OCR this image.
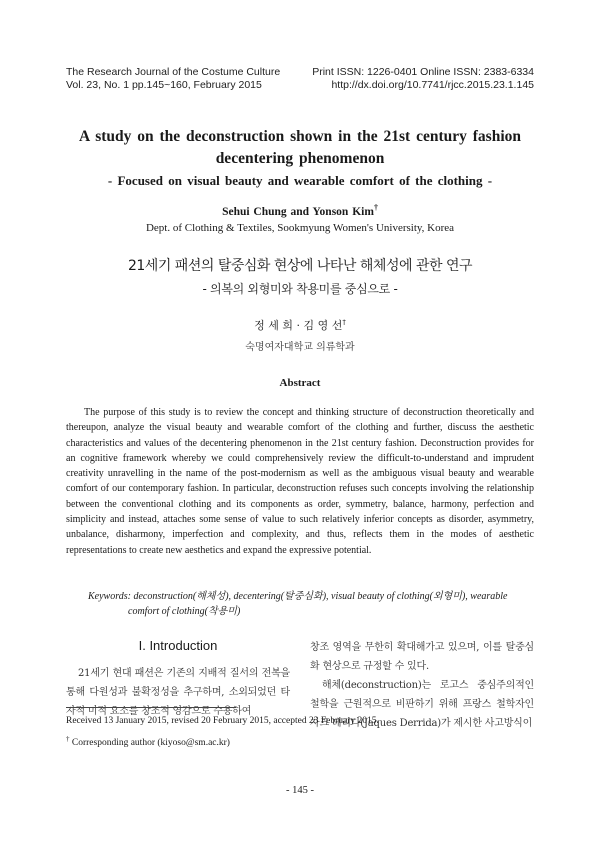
The Research Journal of the Costume Culture	Print ISSN: 1226-0401 Online ISSN: 2383-6334
Vol. 23, No. 1 pp.145~160, February 2015	http://dx.doi.org/10.7741/rjcc.2015.23.1.145
A study on the deconstruction shown in the 21st century fashion
decentering phenomenon
- Focused on visual beauty and wearable comfort of the clothing -
Sehui Chung and Yonson Kim†
Dept. of Clothing & Textiles, Sookmyung Women's University, Korea
21세기 패션의 탈중심화 현상에 나타난 해체성에 관한 연구
- 의복의 외형미와 착용미를 중심으로 -
정 세 희 · 김 영 선†
숙명여자대학교 의류학과
Abstract

The purpose of this study is to review the concept and thinking structure of deconstruction theoretically and thereupon, analyze the visual beauty and wearable comfort of the clothing and further, discuss the aesthetic characteristics and values of the decentering phenomenon in the 21st century fashion. Deconstruction provides for an cognitive framework whereby we could comprehensively review the difficult-to-understand and imprudent creativity unravelling in the name of the post-modernism as well as the ambiguous visual beauty and wearable comfort of our contemporary fashion. In particular, deconstruction refuses such concepts involving the relationship between the conventional clothing and its components as order, symmetry, balance, harmony, perfection and simplicity and instead, attaches some sense of value to such relatively inferior concepts as disorder, asymmetry, unbalance, disharmony, imperfection and complexity, and thus, reflects them in the modes of aesthetic representations to create new aesthetics and expand the expressive potential.

Keywords: deconstruction(해체성), decentering(탈중심화), visual beauty of clothing(외형미), wearable comfort of clothing(착용미)

I. Introduction

21세기 현대 패션은 기존의 지배적 질서의 전복을 통해 다원성과 불확정성을 추구하며, 소외되었던 타자적 미적 요소를 창조적 영감으로 수용하여

창조 영역을 무한히 확대해가고 있으며, 이를 탈중심화 현상으로 규정할 수 있다.

해체(deconstruction)는 로고스 중심주의적인 철학을 근원적으로 비판하기 위해 프랑스 철학자인 자크 데리다(Jaques Derrida)가 제시한 사고방식이

Received 13 January 2015, revised 20 February 2015, accepted 23 February 2015.
† Corresponding author (kiyoso@sm.ac.kr)
- 145 -
